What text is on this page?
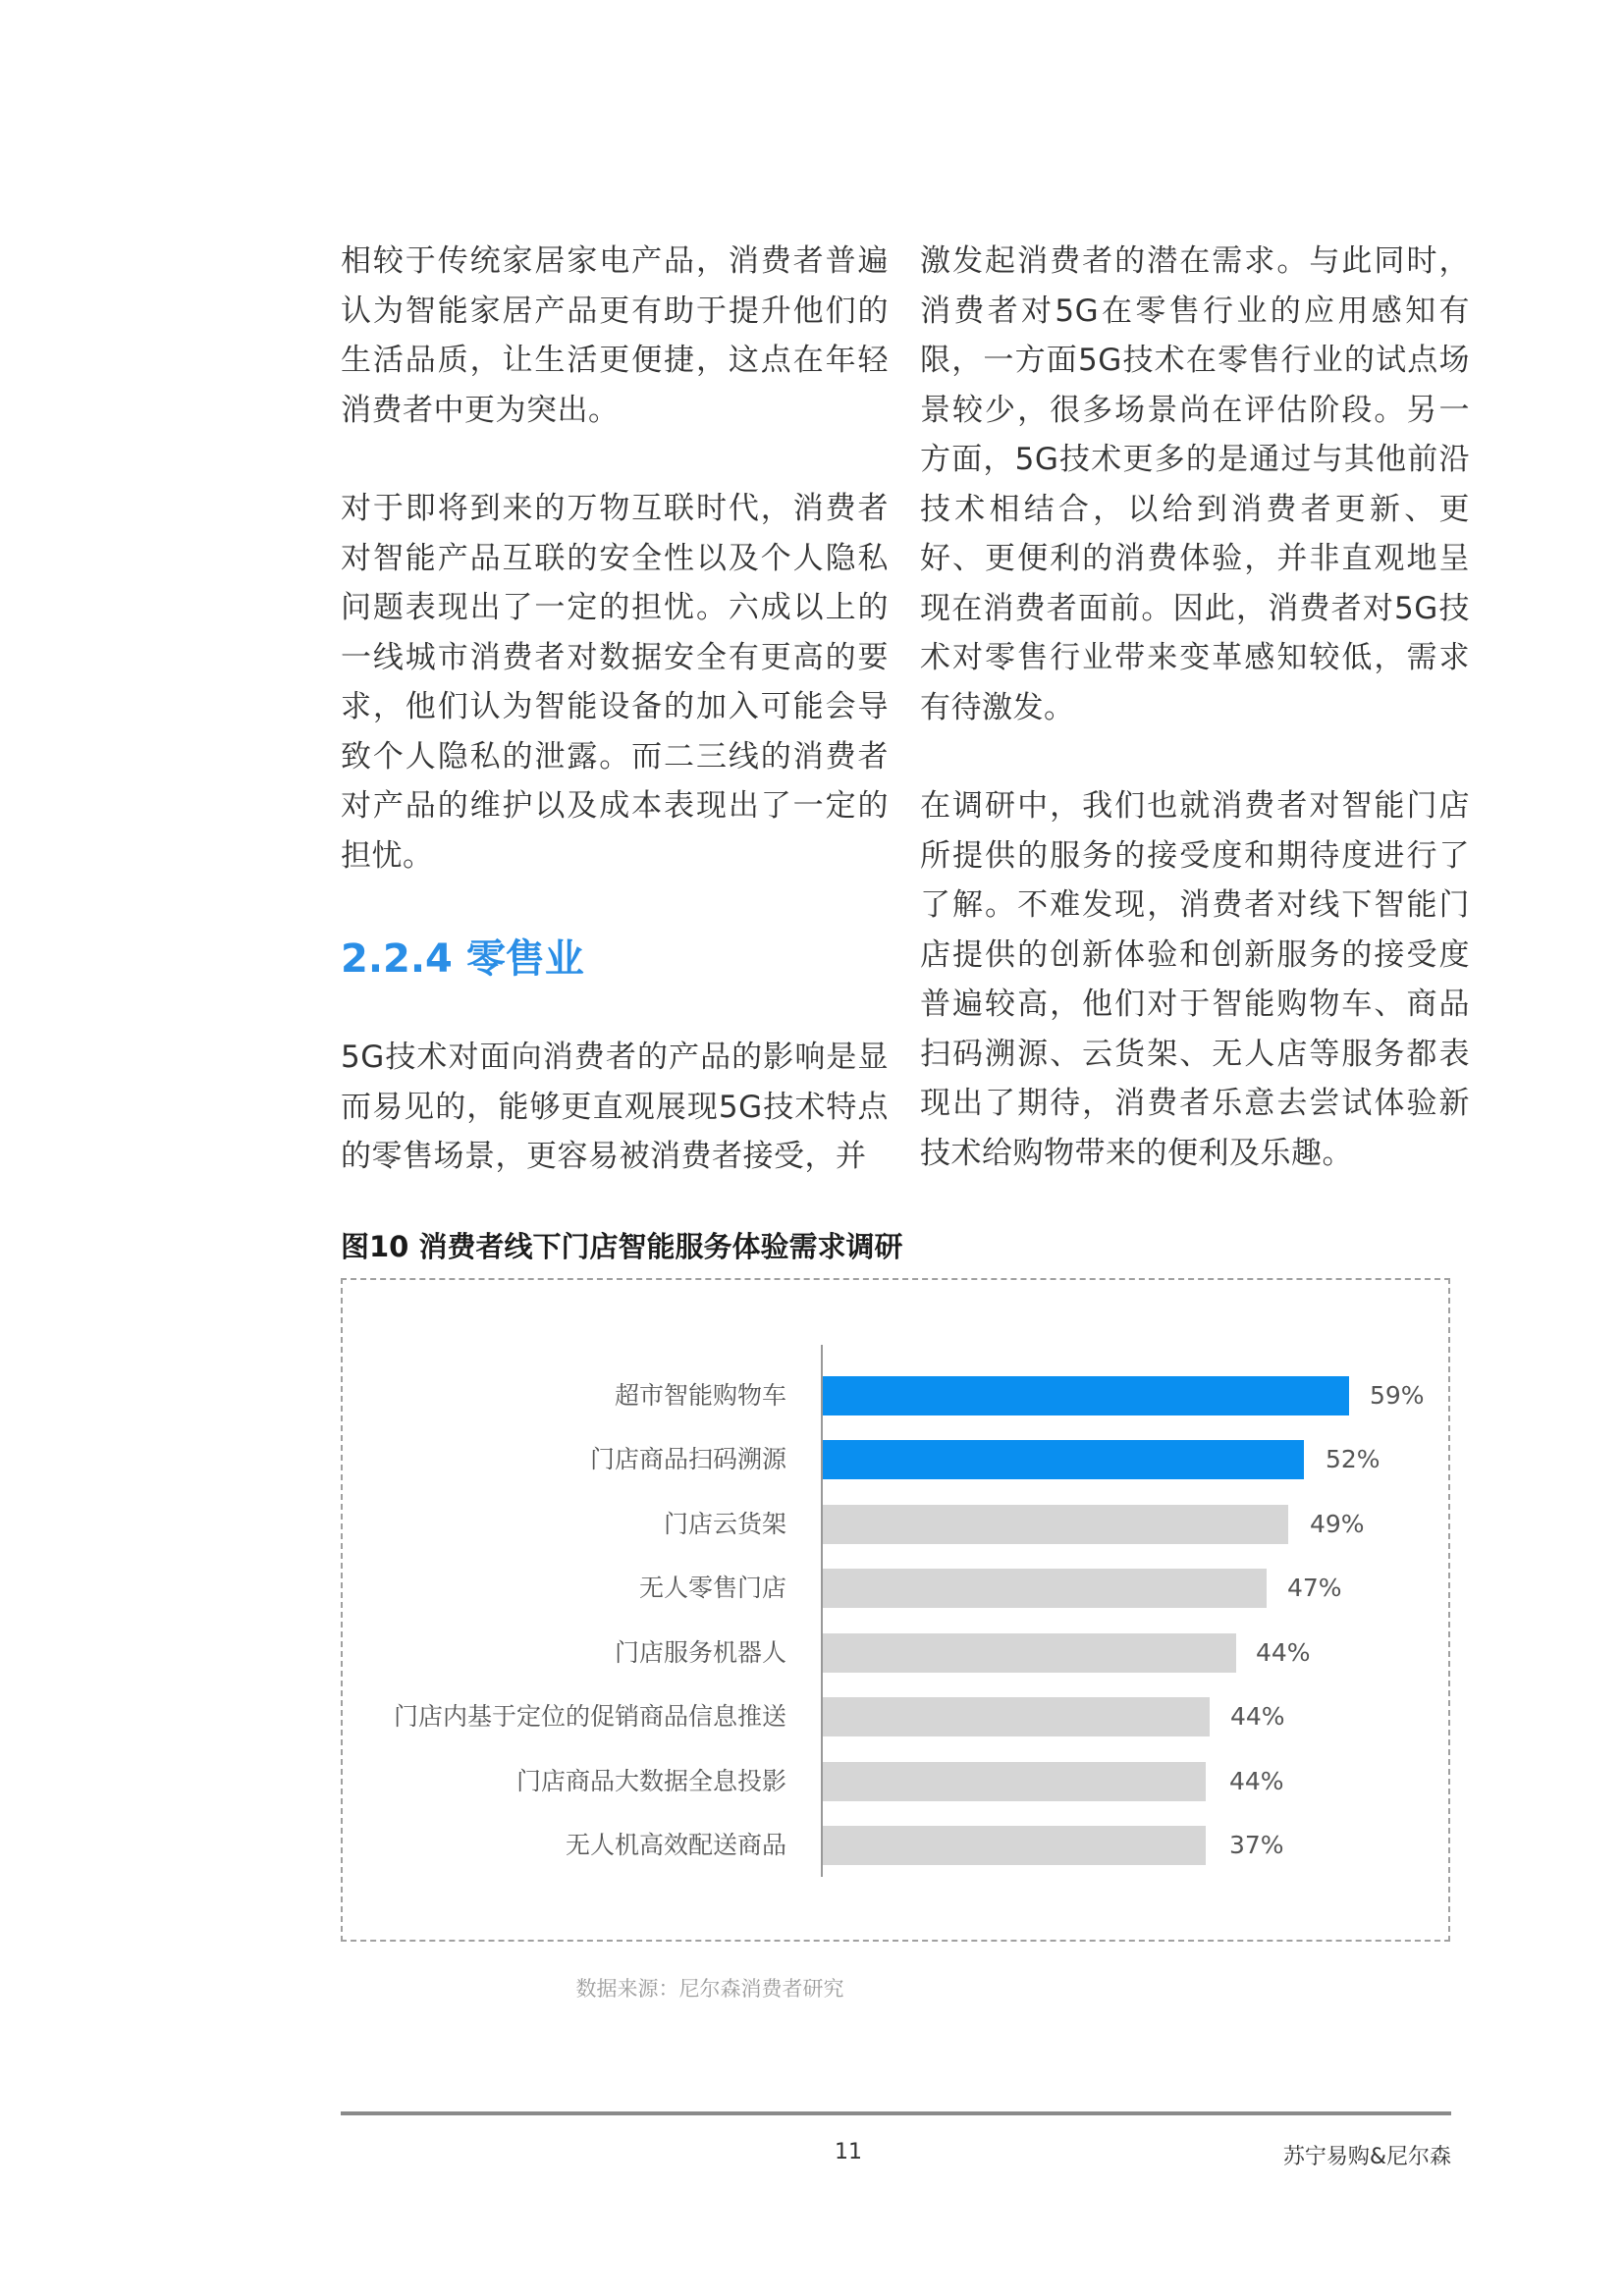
相较于传统家居家电产品，消费者普遍认为智能家居产品更有助于提升他们的生活品质，让生活更便捷，这点在年轻消费者中更为突出。

对于即将到来的万物互联时代，消费者对智能产品互联的安全性以及个人隐私问题表现出了一定的担忧。六成以上的一线城市消费者对数据安全有更高的要求，他们认为智能设备的加入可能会导致个人隐私的泄露。而二三线的消费者对产品的维护以及成本表现出了一定的担忧。

2.2.4 零售业

5G技术对面向消费者的产品的影响是显而易见的，能够更直观展现5G技术特点的零售场景，更容易被消费者接受，并

激发起消费者的潜在需求。与此同时，消费者对5G在零售行业的应用感知有限，一方面5G技术在零售行业的试点场景较少，很多场景尚在评估阶段。另一方面，5G技术更多的是通过与其他前沿技术相结合，以给到消费者更新、更好、更便利的消费体验，并非直观地呈现在消费者面前。因此，消费者对5G技术对零售行业带来变革感知较低，需求有待激发。

在调研中，我们也就消费者对智能门店所提供的服务的接受度和期待度进行了了解。不难发现，消费者对线下智能门店提供的创新体验和创新服务的接受度普遍较高，他们对于智能购物车、商品扫码溯源、云货架、无人店等服务都表现出了期待，消费者乐意去尝试体验新技术给购物带来的便利及乐趣。

图10 消费者线下门店智能服务体验需求调研
超市智能购物车	59%
门店商品扫码溯源	52%
门店云货架	49%
无人零售门店	47%
门店服务机器人	44%
门店内基于定位的促销商品信息推送	44%
门店商品大数据全息投影	44%
无人机高效配送商品	37%
数据来源：尼尔森消费者研究
11	苏宁易购&尼尔森
